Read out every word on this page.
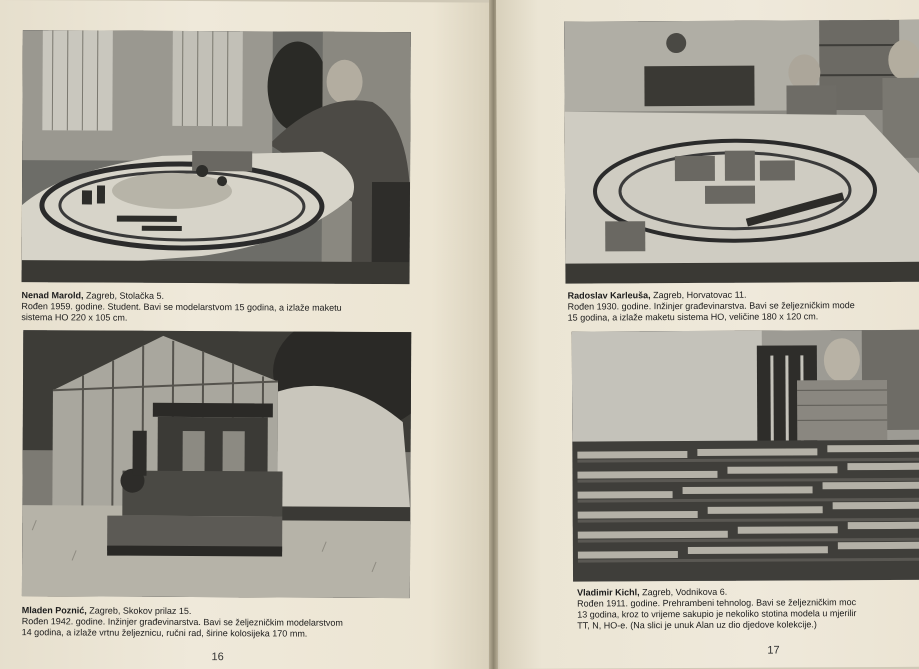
Nenad Marold, Zagreb, Stolačka 5.
Rođen 1959. godine. Student. Bavi se modelarstvom 15 godina, a izlaže maketu
sistema HO 220 x 105 cm.
Mladen Poznić, Zagreb, Skokov prilaz 15.
Rođen 1942. godine. Inžinjer građevinarstva. Bavi se željezničkim modelarstvom
14 godina, a izlaže vrtnu željeznicu, ručni rad, širine kolosijeka 170 mm.
16
Radoslav Karleuša, Zagreb, Horvatovac 11.
Rođen 1930. godine. Inžinjer građevinarstva. Bavi se željezničkim mode
15 godina, a izlaže maketu sistema HO, veličine 180 x 120 cm.
Vladimir Kichl, Zagreb, Vodnikova 6.
Rođen 1911. godine. Prehrambeni tehnolog. Bavi se željezničkim moc
13 godina, kroz to vrijeme sakupio je nekoliko stotina modela u mjerilir
TT, N, HO-e. (Na slici je unuk Alan uz dio djedove kolekcije.)
17
